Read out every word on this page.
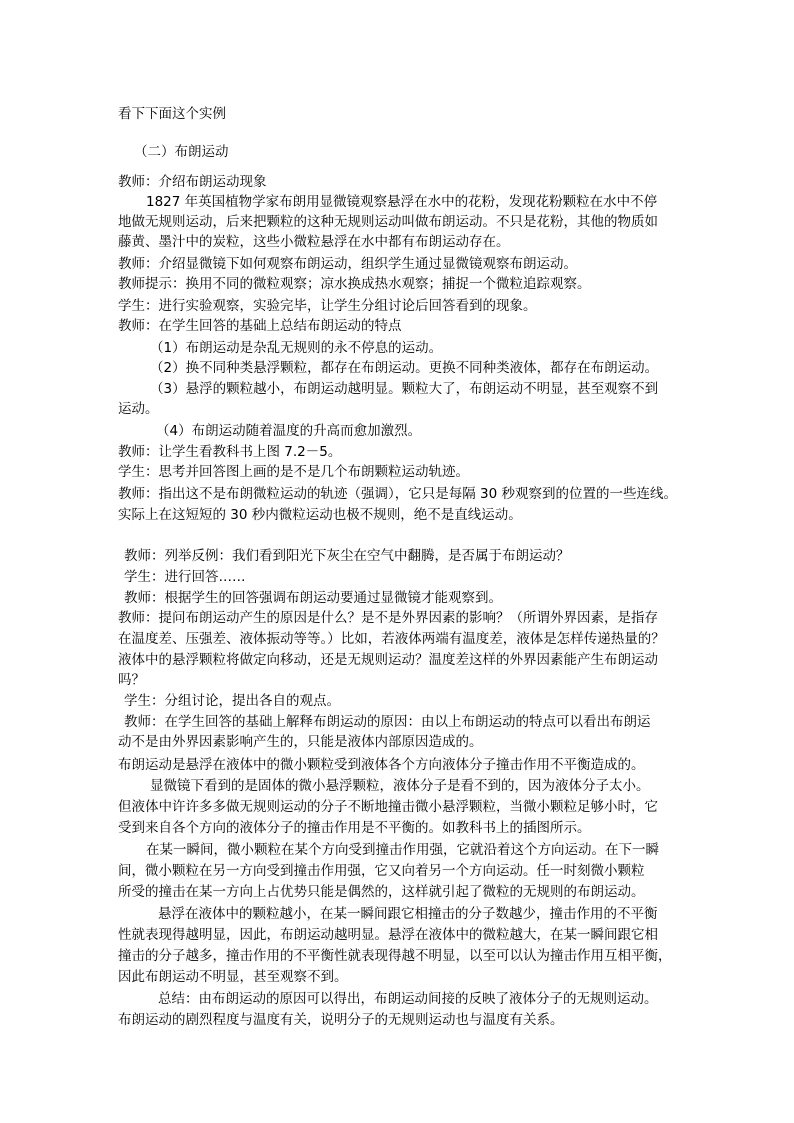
看下下面这个实例
（二）布朗运动
教师：介绍布朗运动现象
1827 年英国植物学家布朗用显微镜观察悬浮在水中的花粉，发现花粉颗粒在水中不停
地做无规则运动，后来把颗粒的这种无规则运动叫做布朗运动。不只是花粉，其他的物质如
藤黄、墨汁中的炭粒，这些小微粒悬浮在水中都有布朗运动存在。
教师：介绍显微镜下如何观察布朗运动，组织学生通过显微镜观察布朗运动。
教师提示：换用不同的微粒观察；凉水换成热水观察；捕捉一个微粒追踪观察。
学生：进行实验观察，实验完毕，让学生分组讨论后回答看到的现象。
教师：在学生回答的基础上总结布朗运动的特点
（1）布朗运动是杂乱无规则的永不停息的运动。
（2）换不同种类悬浮颗粒，都存在布朗运动。更换不同种类液体，都存在布朗运动。
（3）悬浮的颗粒越小，布朗运动越明显。颗粒大了，布朗运动不明显，甚至观察不到
运动。
（4）布朗运动随着温度的升高而愈加激烈。
教师：让学生看教科书上图 7.2－5。
学生：思考并回答图上画的是不是几个布朗颗粒运动轨迹。
教师：指出这不是布朗微粒运动的轨迹（强调），它只是每隔 30 秒观察到的位置的一些连线。
实际上在这短短的 30 秒内微粒运动也极不规则，绝不是直线运动。
教师：列举反例：我们看到阳光下灰尘在空气中翻腾，是否属于布朗运动？
学生：进行回答……
教师：根据学生的回答强调布朗运动要通过显微镜才能观察到。
教师：提问布朗运动产生的原因是什么？是不是外界因素的影响？（所谓外界因素，是指存
在温度差、压强差、液体振动等等。）比如，若液体两端有温度差，液体是怎样传递热量的？
液体中的悬浮颗粒将做定向移动，还是无规则运动？温度差这样的外界因素能产生布朗运动
吗？
学生：分组讨论，提出各自的观点。
教师：在学生回答的基础上解释布朗运动的原因：由以上布朗运动的特点可以看出布朗运
动不是由外界因素影响产生的，只能是液体内部原因造成的。
布朗运动是悬浮在液体中的微小颗粒受到液体各个方向液体分子撞击作用不平衡造成的。
显微镜下看到的是固体的微小悬浮颗粒，液体分子是看不到的，因为液体分子太小。
但液体中许许多多做无规则运动的分子不断地撞击微小悬浮颗粒，当微小颗粒足够小时，它
受到来自各个方向的液体分子的撞击作用是不平衡的。如教科书上的插图所示。
在某一瞬间，微小颗粒在某个方向受到撞击作用强，它就沿着这个方向运动。在下一瞬
间，微小颗粒在另一方向受到撞击作用强，它又向着另一个方向运动。任一时刻微小颗粒
所受的撞击在某一方向上占优势只能是偶然的，这样就引起了微粒的无规则的布朗运动。
悬浮在液体中的颗粒越小，在某一瞬间跟它相撞击的分子数越少，撞击作用的不平衡
性就表现得越明显，因此，布朗运动越明显。悬浮在液体中的微粒越大，在某一瞬间跟它相
撞击的分子越多，撞击作用的不平衡性就表现得越不明显，以至可以认为撞击作用互相平衡，
因此布朗运动不明显，甚至观察不到。
总结：由布朗运动的原因可以得出，布朗运动间接的反映了液体分子的无规则运动。
布朗运动的剧烈程度与温度有关，说明分子的无规则运动也与温度有关系。
